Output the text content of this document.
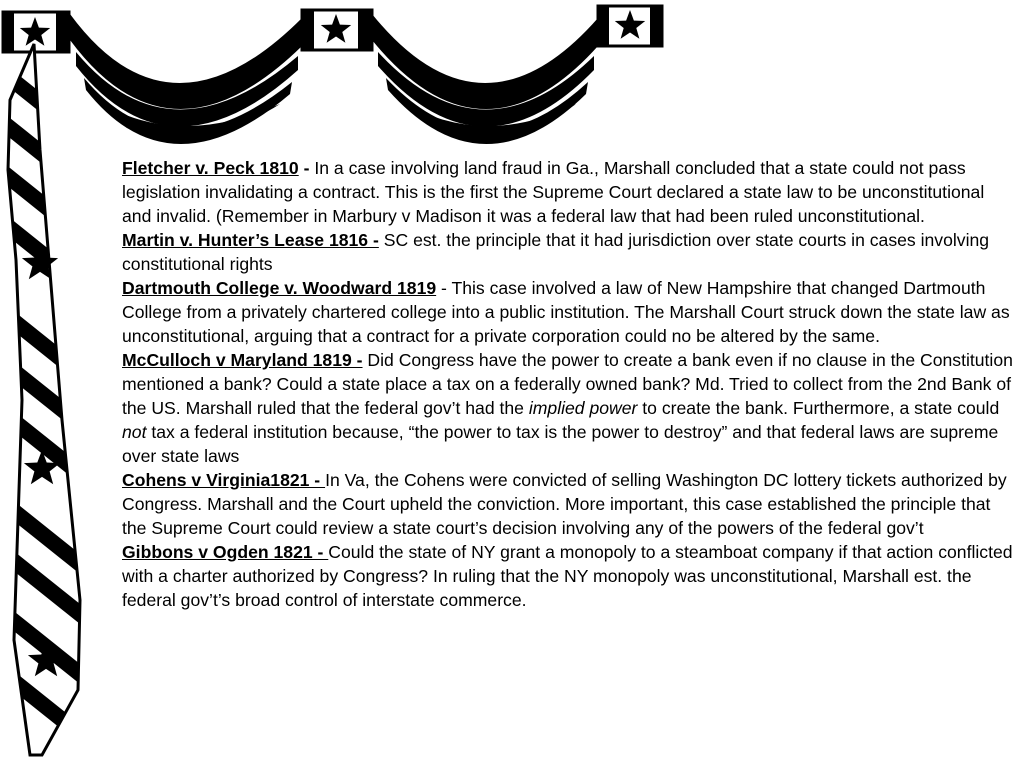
Fletcher v. Peck 1810 - In a case involving land fraud in Ga., Marshall concluded that a state could not pass legislation invalidating a contract. This is the first the Supreme Court declared a state law to be unconstitutional and invalid. (Remember in Marbury v Madison it was a federal law that had been ruled unconstitutional.

Martin v. Hunter’s Lease 1816 - SC est. the principle that it had jurisdiction over state courts in cases involving constitutional rights

Dartmouth College v. Woodward 1819 - This case involved a law of New Hampshire that changed Dartmouth College from a privately chartered college into a public institution. The Marshall Court struck down the state law as unconstitutional, arguing that a contract for a private corporation could no be altered by the same.

McCulloch v Maryland 1819 - Did Congress have the power to create a bank even if no clause in the Constitution mentioned a bank? Could a state place a tax on a federally owned bank? Md. Tried to collect from the 2nd Bank of the US. Marshall ruled that the federal gov’t had the implied power to create the bank. Furthermore, a state could not tax a federal institution because, “the power to tax is the power to destroy” and that federal laws are supreme over state laws

Cohens v Virginia1821 - In Va, the Cohens were convicted of selling Washington DC lottery tickets authorized by Congress. Marshall and the Court upheld the conviction. More important, this case established the principle that the Supreme Court could review a state court’s decision involving any of the powers of the federal gov’t

Gibbons v Ogden 1821 - Could the state of NY grant a monopoly to a steamboat company if that action conflicted with a charter authorized by Congress? In ruling that the NY monopoly was unconstitutional, Marshall est. the federal gov’t’s broad control of interstate commerce.
